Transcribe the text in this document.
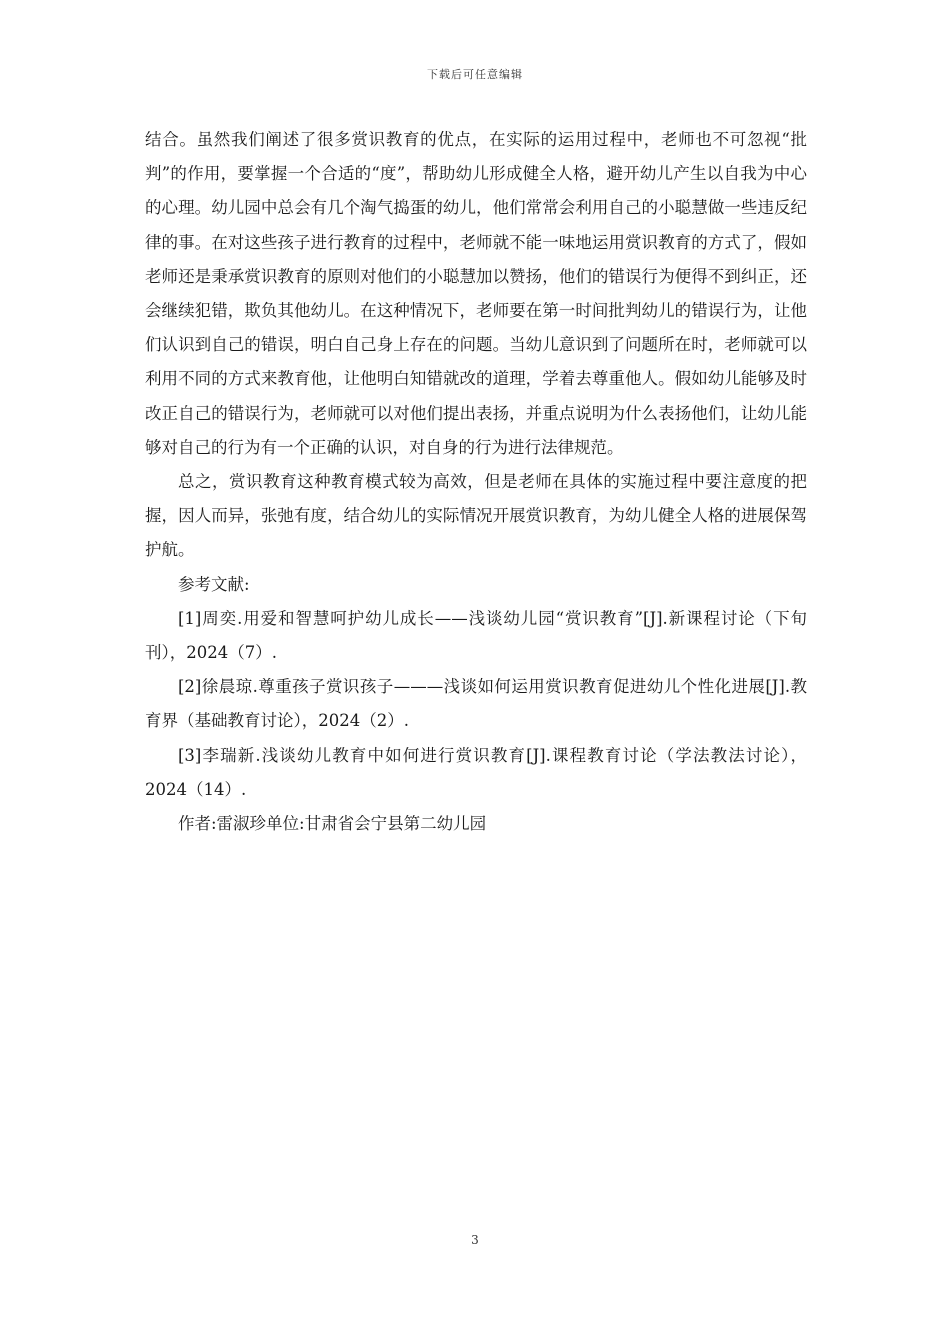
下载后可任意编辑

结合。虽然我们阐述了很多赏识教育的优点，在实际的运用过程中，老师也不可忽视“批判”的作用，要掌握一个合适的“度”，帮助幼儿形成健全人格，避开幼儿产生以自我为中心的心理。幼儿园中总会有几个淘气捣蛋的幼儿，他们常常会利用自己的小聪慧做一些违反纪律的事。在对这些孩子进行教育的过程中，老师就不能一味地运用赏识教育的方式了，假如老师还是秉承赏识教育的原则对他们的小聪慧加以赞扬，他们的错误行为便得不到纠正，还会继续犯错，欺负其他幼儿。在这种情况下，老师要在第一时间批判幼儿的错误行为，让他们认识到自己的错误，明白自己身上存在的问题。当幼儿意识到了问题所在时，老师就可以利用不同的方式来教育他，让他明白知错就改的道理，学着去尊重他人。假如幼儿能够及时改正自己的错误行为，老师就可以对他们提出表扬，并重点说明为什么表扬他们，让幼儿能够对自己的行为有一个正确的认识，对自身的行为进行法律规范。

总之，赏识教育这种教育模式较为高效，但是老师在具体的实施过程中要注意度的把握，因人而异，张弛有度，结合幼儿的实际情况开展赏识教育，为幼儿健全人格的进展保驾护航。

参考文献:

[1]周奕.用爱和智慧呵护幼儿成长——浅谈幼儿园“赏识教育”[J].新课程讨论（下旬刊），2024（7）.

[2]徐晨琼.尊重孩子赏识孩子———浅谈如何运用赏识教育促进幼儿个性化进展[J].教育界（基础教育讨论），2024（2）.

[3]李瑞新.浅谈幼儿教育中如何进行赏识教育[J].课程教育讨论（学法教法讨论），2024（14）.

作者:雷淑珍单位:甘肃省会宁县第二幼儿园

3
